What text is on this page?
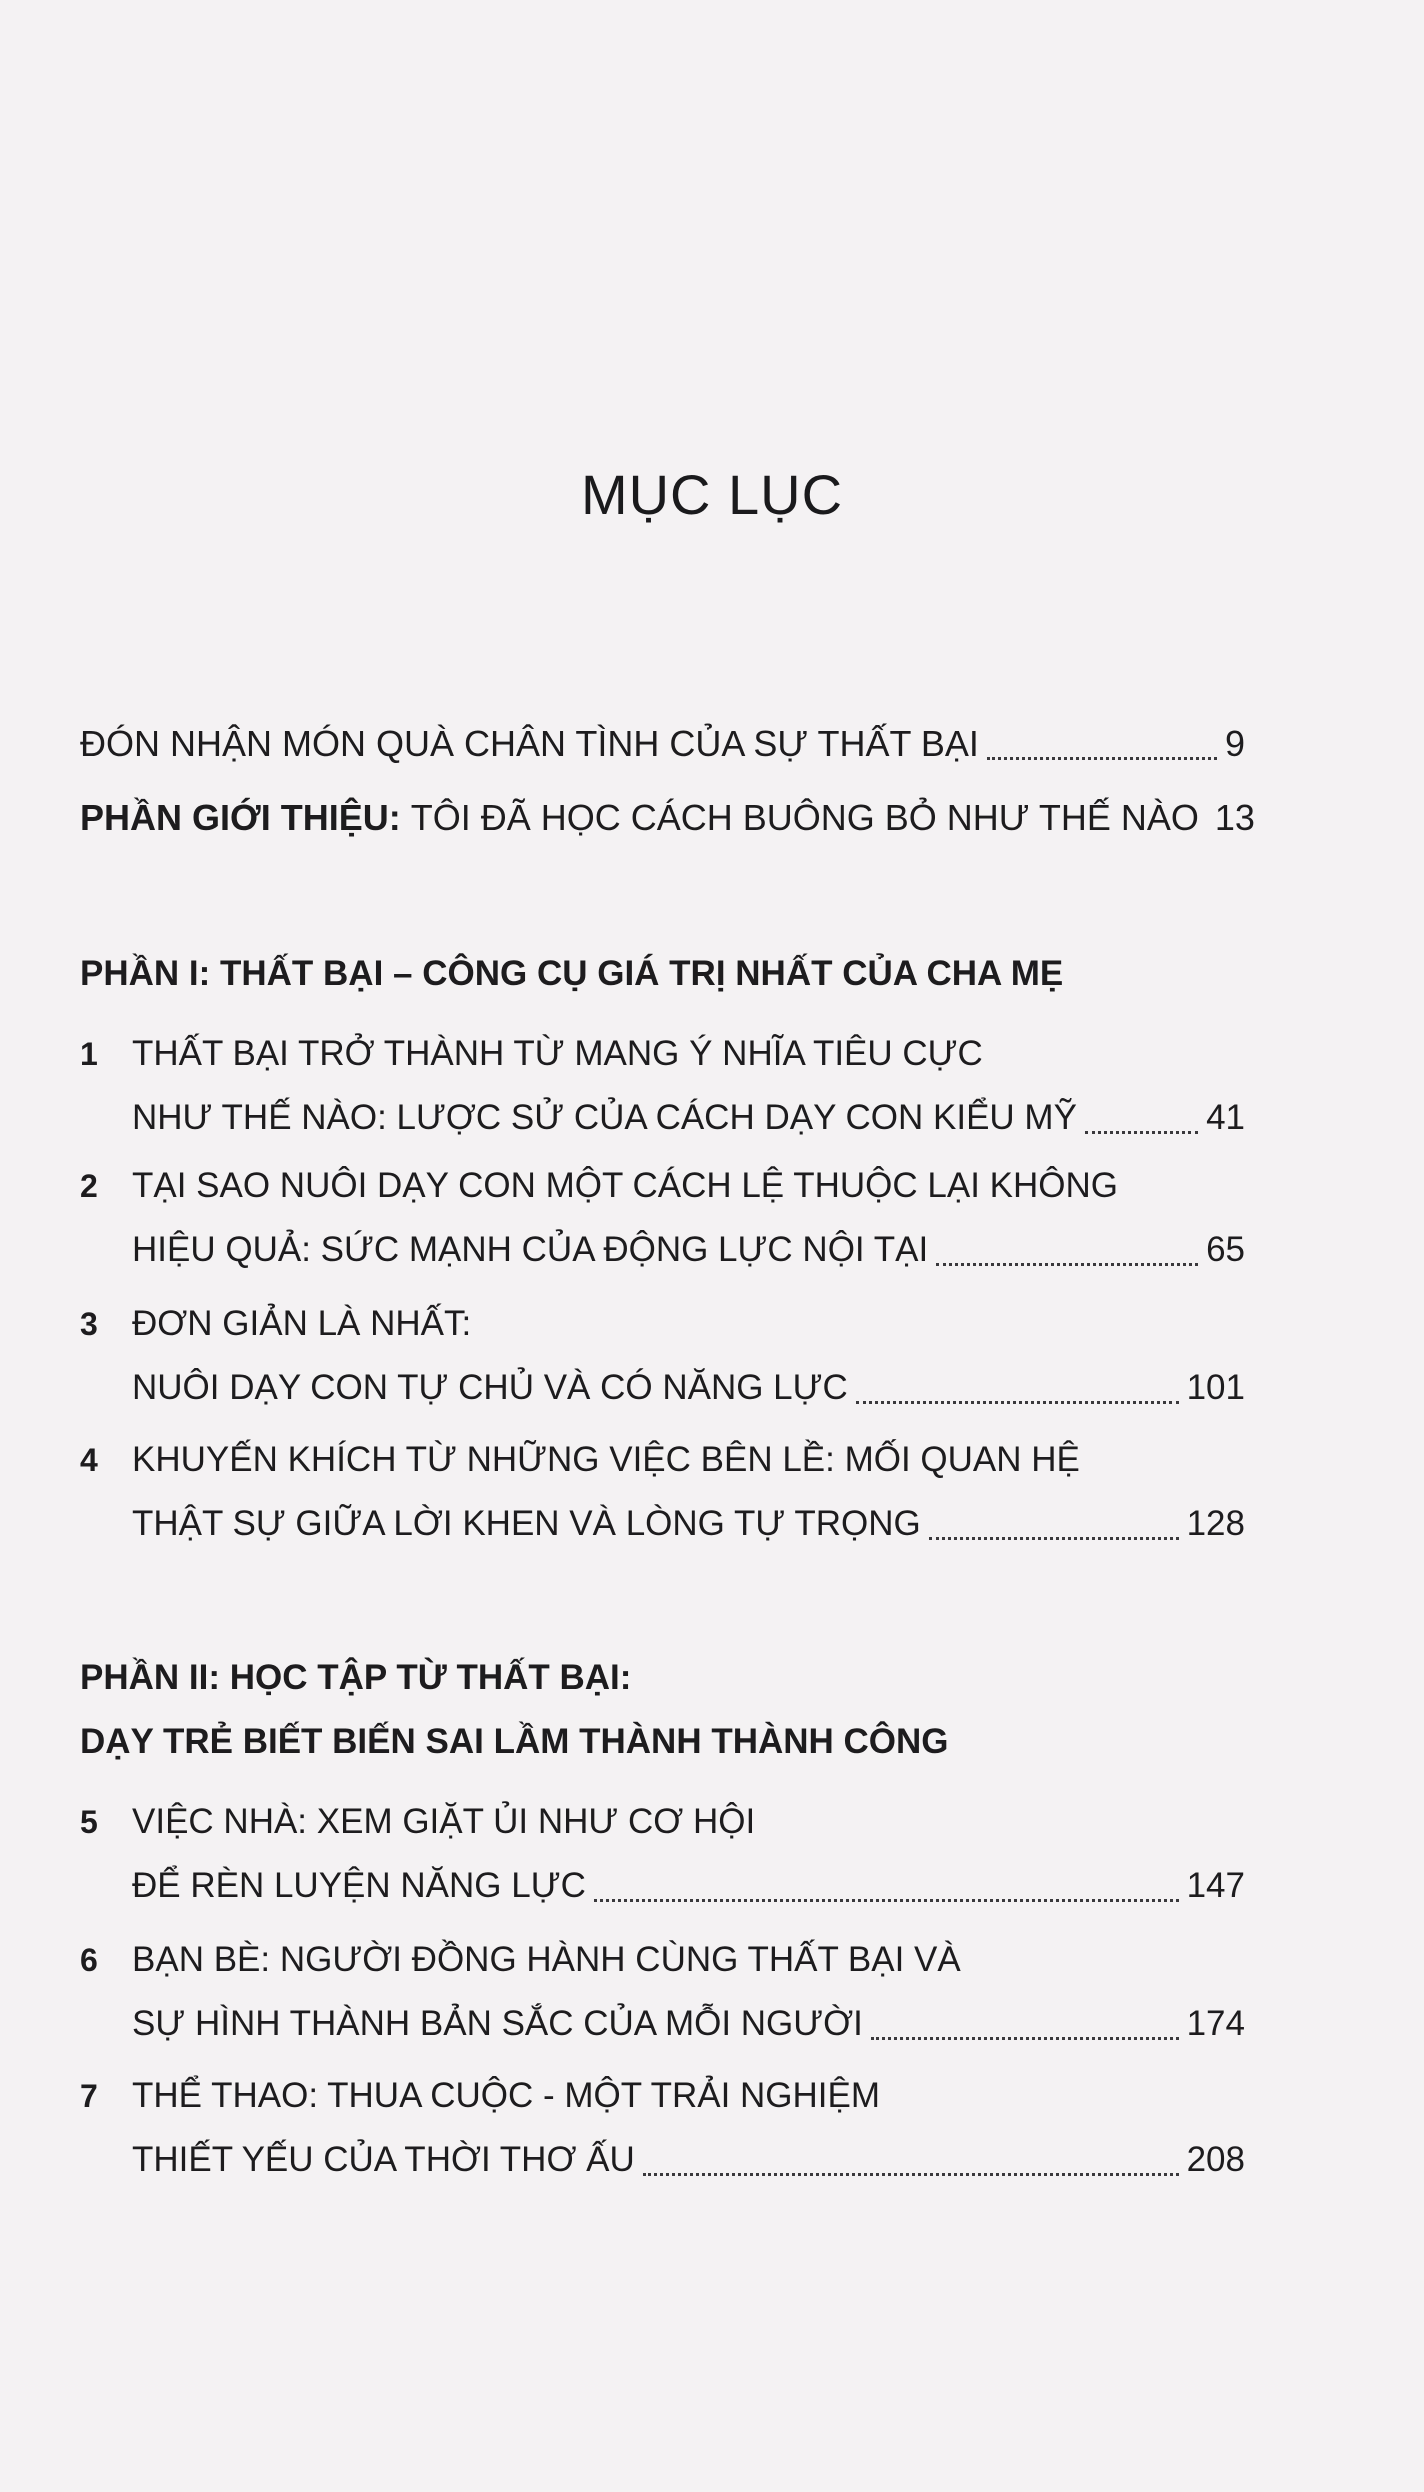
MỤC LỤC
ĐÓN NHẬN MÓN QUÀ CHÂN TÌNH CỦA SỰ THẤT BẠI	9
PHẦN GIỚI THIỆU: TÔI ĐÃ HỌC CÁCH BUÔNG BỎ NHƯ THẾ NÀO 13
PHẦN I: THẤT BẠI – CÔNG CỤ GIÁ TRỊ NHẤT CỦA CHA MẸ
1 THẤT BẠI TRỞ THÀNH TỪ MANG Ý NHĨA TIÊU CỰC
NHƯ THẾ NÀO: LƯỢC SỬ CỦA CÁCH DẠY CON KIỂU MỸ	41
2 TẠI SAO NUÔI DẠY CON MỘT CÁCH LỆ THUỘC LẠI KHÔNG
HIỆU QUẢ: SỨC MẠNH CỦA ĐỘNG LỰC NỘI TẠI	65
3 ĐƠN GIẢN LÀ NHẤT:
NUÔI DẠY CON TỰ CHỦ VÀ CÓ NĂNG LỰC	101
4 KHUYẾN KHÍCH TỪ NHỮNG VIỆC BÊN LỀ: MỐI QUAN HỆ
THẬT SỰ GIỮA LỜI KHEN VÀ LÒNG TỰ TRỌNG	128
PHẦN II: HỌC TẬP TỪ THẤT BẠI:
DẠY TRẺ BIẾT BIẾN SAI LẦM THÀNH THÀNH CÔNG
5 VIỆC NHÀ: XEM GIẶT ỦI NHƯ CƠ HỘI
ĐỂ RÈN LUYỆN NĂNG LỰC	147
6 BẠN BÈ: NGƯỜI ĐỒNG HÀNH CÙNG THẤT BẠI VÀ
SỰ HÌNH THÀNH BẢN SẮC CỦA MỖI NGƯỜI	174
7 THỂ THAO: THUA CUỘC - MỘT TRẢI NGHIỆM
THIẾT YẾU CỦA THỜI THƠ ẤU	208
